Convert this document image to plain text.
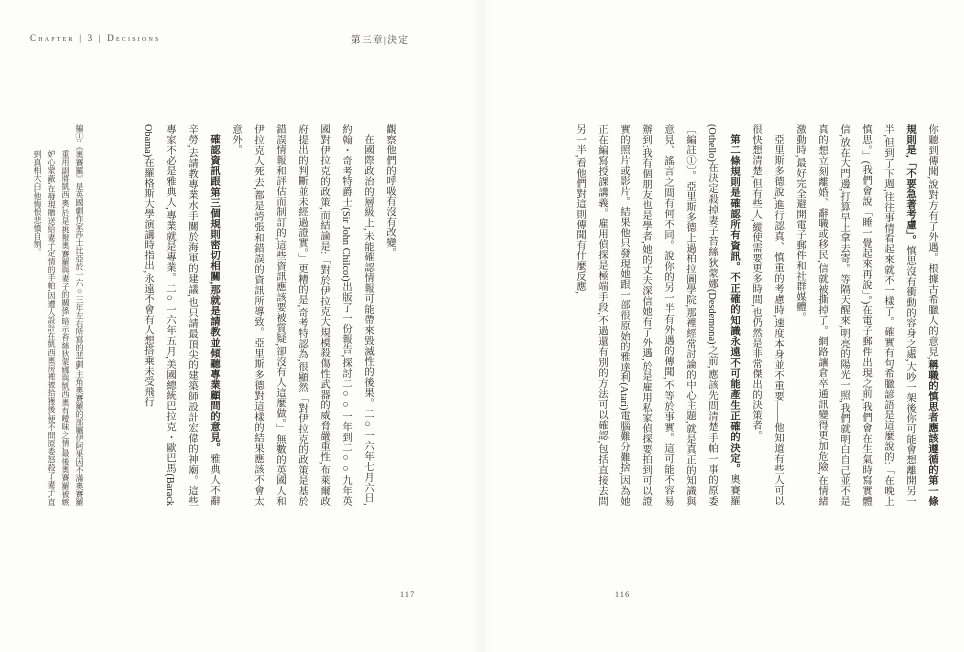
Chapter | 3 | Decisions	第三章|決定

觀察他們的呼吸有沒有改變。

在國際政治的層級上,未能確認情報可能帶來毀滅性的後果。二○一六年七月六日,約翰・奇考特爵士(Sir John Chilcot)出版了一份報告,探討二○○一年到二○○九年英國對伊拉克的政策,而結論是:「對於伊拉克大規模殺傷性武器的威脅嚴重性,布萊爾政府提出的判斷並未經過證實。」更糟的是,奇考特認為,很顯然「對伊拉克的政策是基於錯誤情報和評估而制訂的,這些資訊應該要被質疑,卻沒有人這麼做。」無數的英國人和伊拉克人死去,都是誇張和錯誤的資訊所導致。亞里斯多德對這樣的結果應該不會太意外。

確認資訊跟第三個規則密切相關,那就是請教並傾聽專業顧問的意見。雅典人不辭辛勞,去請教專業水手關於海軍的建議,也只請最頂尖的建築師設計宏偉的神廟。這些專家不必是雅典人,專業就是專業。二○一六年五月,美國總統巴拉克・歐巴馬(Barack Obama)在羅格斯大學演講時指出,永遠不會有人想搭乘未受飛行

編①:《奧賽羅》是英國劇作家莎士比亞於一六○三年左右所寫的悲劇,主角奧賽羅的部屬伊阿果因不滿奧賽羅重用副將凱西奧,於是挑撥奧賽羅與妻子的關係,暗示苔絲狄蒙娜與凱西奧有曖昧之情,最後奧賽羅被嫉妒心蒙蔽,在發現贈送給妻子定情的手帕,因遭人設計在凱西奧房裡被拾獲後,便不問原委怒殺了妻子,直到真相大白,他悔恨悲憤自刎。	你聽到傳聞,說對方有了外遇。根據古希臘人的意見,稱職的慎思者應該遵循的第一條規則是,「不要急著考慮」。慎思沒有衝動的容身之處,大吵一架後你可能會想離開另一半,但到了下週,往往事情看起來就不一樣了。確實有句希臘諺語是這麼說的:「在晚上慎思。」(我們會說「睡一覺起來再說」。)在電子郵件出現之前,我們會在生氣時寫實體信,放在大門邊,打算早上拿去寄。等隔天醒來,明亮的陽光一照,我們就明白自己並不是真的想立刻離婚、辭職或移民,信就被撕掉了。網路讓倉卒通訊變得更加危險,在情緒激動時,最好完全避開電子郵件和社群媒體。

亞里斯多德說,進行認真、慎重的考慮時,速度本身並不重要——他知道有些人可以很快想清楚,但有些人,縱使需要更多時間,也仍然是非常傑出的決策者。

第二條規則是確認所有資訊。不正確的知識永遠不可能產生正確的決定。奧賽羅(Othello)在決定殺掉妻子苔絲狄蒙娜(Desdemona)之前,應該先問清楚手帕一事的原委〔編註①〕。亞里斯多德上過柏拉圖學院,那裡經常討論的中心主題,就是真正的知識與意見、謠言之間有何不同。說你的另一半有外遇的傳聞,不等於事實。這可能不容易辦到:我有個朋友也是學者,她的丈夫深信她有了外遇,於是雇用私家偵探要拍到可以證實的照片或影片。結果他只發現她跟一部很原始的雅達利(Atari)電腦難分難捨,因為她正在編寫授課講義。雇用偵探是極端手段,不過還有別的方法可以確認,包括直接去問另一半,看他們對這則傳聞有什麼反應,

117	116
